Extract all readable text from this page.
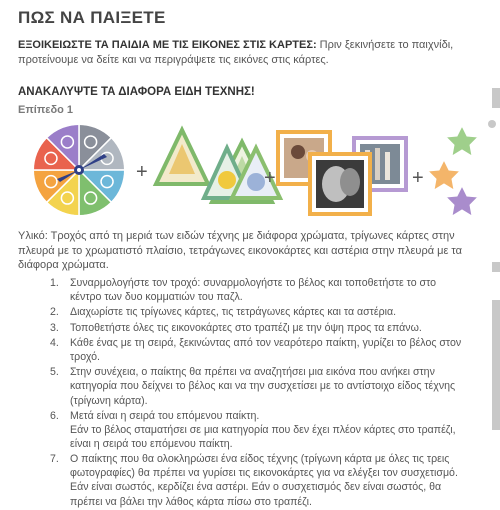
ΠΩΣ ΝΑ ΠΑΙΞΕΤΕ

ΕΞΟΙΚΕΙΩΣΤΕ ΤΑ ΠΑΙΔΙΑ ΜΕ ΤΙΣ ΕΙΚΟΝΕΣ ΣΤΙΣ ΚΑΡΤΕΣ: Πριν ξεκινήσετε το παιχνίδι,
προτείνουμε να δείτε και να περιγράψετε τις εικόνες στις κάρτες.

ΑΝΑΚΑΛΥΨΤΕ ΤΑ ΔΙΑΦΟΡΑ ΕΙΔΗ ΤΕΧΝΗΣ!
Επίπεδο 1
+	+	+

Υλικό: Τροχός από τη μεριά των ειδών τέχνης με διάφορα χρώματα, τρίγωνες κάρτες στην
πλευρά με το χρωματιστό πλαίσιο, τετράγωνες εικονοκάρτες και αστέρια στην πλευρά με τα
διάφορα χρώματα.

1. Συναρμολογήστε τον τροχό: συναρμολογήστε το βέλος και τοποθετήστε το στο
κέντρο των δυο κομματιών του παζλ.
2. Διαχωρίστε τις τρίγωνες κάρτες, τις τετράγωνες κάρτες και τα αστέρια.
3. Τοποθετήστε όλες τις εικονοκάρτες στο τραπέζι με την όψη προς τα επάνω.
4. Κάθε ένας με τη σειρά, ξεκινώντας από τον νεαρότερο παίκτη, γυρίζει το βέλος στον
τροχό.
5. Στην συνέχεια, ο παίκτης θα πρέπει να αναζητήσει μια εικόνα που ανήκει στην
κατηγορία που δείχνει το βέλος και να την συσχετίσει με το αντίστοιχο είδος τέχνης
(τρίγωνη κάρτα).
6. Μετά είναι η σειρά του επόμενου παίκτη.
Εάν το βέλος σταματήσει σε μια κατηγορία που δεν έχει πλέον κάρτες στο τραπέζι,
είναι η σειρά του επόμενου παίκτη.
7. Ο παίκτης που θα ολοκληρώσει ένα είδος τέχνης (τρίγωνη κάρτα με όλες τις τρεις
φωτογραφίες) θα πρέπει να γυρίσει τις εικονοκάρτες για να ελέγξει τον συσχετισμό.
Εάν είναι σωστός, κερδίζει ένα αστέρι. Εάν ο συσχετισμός δεν είναι σωστός, θα
πρέπει να βάλει την λάθος κάρτα πίσω στο τραπέζι.
